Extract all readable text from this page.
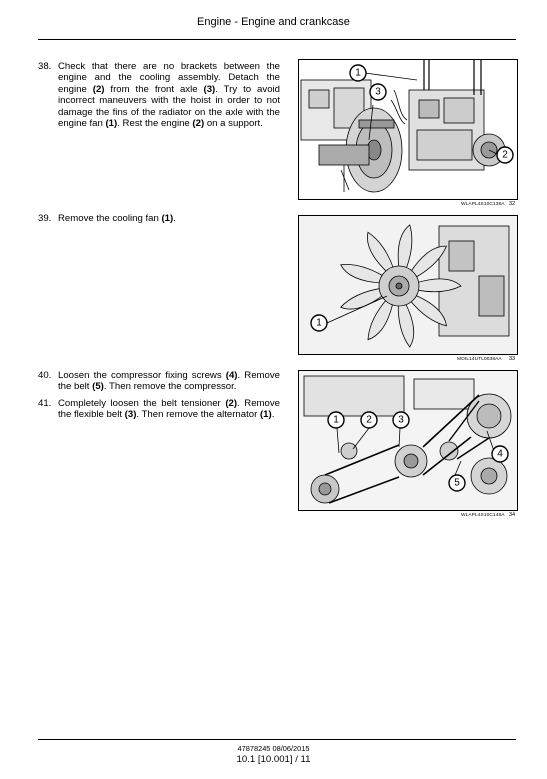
Engine - Engine and crankcase
38. Check that there are no brackets between the engine and the cooling assembly. Detach the engine (2) from the front axle (3). Try to avoid incorrect maneuvers with the hoist in order to not damage the fins of the radiator on the axle with the engine fan (1). Rest the engine (2) on a support.
1
3
2
WLAPL4S10C138A 32
39. Remove the cooling fan (1).
1
MOIL14UTL0038AA 33
40. Loosen the compressor fixing screws (4). Remove the belt (5). Then remove the compressor.
41. Completely loosen the belt tensioner (2). Remove the flexible belt (3). Then remove the alternator (1).	1	2	3
4
5
WLAPL4S10C148A 34
47878245 08/06/2015
10.1 [10.001] / 11
